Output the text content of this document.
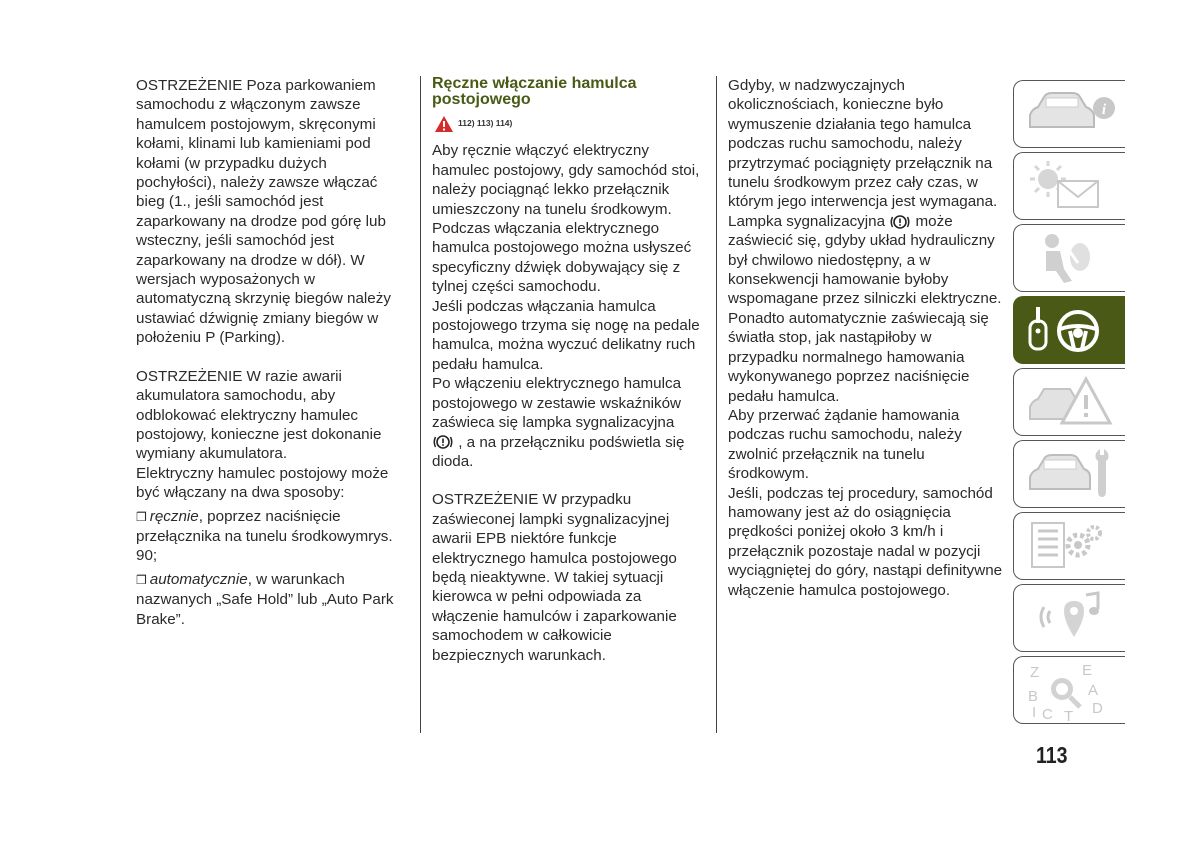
OSTRZEŻENIE Poza parkowaniem samochodu z włączonym zawsze hamulcem postojowym, skręconymi kołami, klinami lub kamieniami pod kołami (w przypadku dużych pochyłości), należy zawsze włączać bieg (1., jeśli samochód jest zaparkowany na drodze pod górę lub wsteczny, jeśli samochód jest zaparkowany na drodze w dół). W wersjach wyposażonych w automatyczną skrzynię biegów należy ustawiać dźwignię zmiany biegów w położeniu P (Parking).

OSTRZEŻENIE W razie awarii akumulatora samochodu, aby odblokować elektryczny hamulec postojowy, konieczne jest dokonanie wymiany akumulatora.

Elektryczny hamulec postojowy może być włączany na dwa sposoby:

❒ ręcznie, poprzez naciśnięcie przełącznika na tunelu środkowymrys. 90;

❒ automatycznie, w warunkach nazwanych „Safe Hold” lub „Auto Park Brake”.

Ręczne włączanie hamulca postojowego
112) 113) 114)

Aby ręcznie włączyć elektryczny hamulec postojowy, gdy samochód stoi, należy pociągnąć lekko przełącznik umieszczony na tunelu środkowym. Podczas włączania elektrycznego hamulca postojowego można usłyszeć specyficzny dźwięk dobywający się z tylnej części samochodu.

Jeśli podczas włączania hamulca postojowego trzyma się nogę na pedale hamulca, można wyczuć delikatny ruch pedału hamulca.

Po włączeniu elektrycznego hamulca postojowego w zestawie wskaźników zaświeca się lampka sygnalizacyjna
, a na przełączniku podświetla się dioda.

OSTRZEŻENIE W przypadku zaświeconej lampki sygnalizacyjnej awarii EPB niektóre funkcje elektrycznego hamulca postojowego będą nieaktywne. W takiej sytuacji kierowca w pełni odpowiada za włączenie hamulców i zaparkowanie samochodem w całkowicie bezpiecznych warunkach.

Gdyby, w nadzwyczajnych okolicznościach, konieczne było wymuszenie działania tego hamulca podczas ruchu samochodu, należy przytrzymać pociągnięty przełącznik na tunelu środkowym przez cały czas, w którym jego interwencja jest wymagana.

Lampka sygnalizacyjna może zaświecić się, gdyby układ hydrauliczny był chwilowo niedostępny, a w konsekwencji hamowanie byłoby wspomagane przez silniczki elektryczne.

Ponadto automatycznie zaświecają się światła stop, jak nastąpiłoby w przypadku normalnego hamowania wykonywanego poprzez naciśnięcie pedału hamulca.

Aby przerwać żądanie hamowania podczas ruchu samochodu, należy zwolnić przełącznik na tunelu środkowym.

Jeśli, podczas tej procedury, samochód hamowany jest aż do osiągnięcia prędkości poniżej około 3 km/h i przełącznik pozostaje nadal w pozycji wyciągniętej do góry, nastąpi definitywne włączenie hamulca postojowego.

i
Z	E
B	A
C T D
I
113
